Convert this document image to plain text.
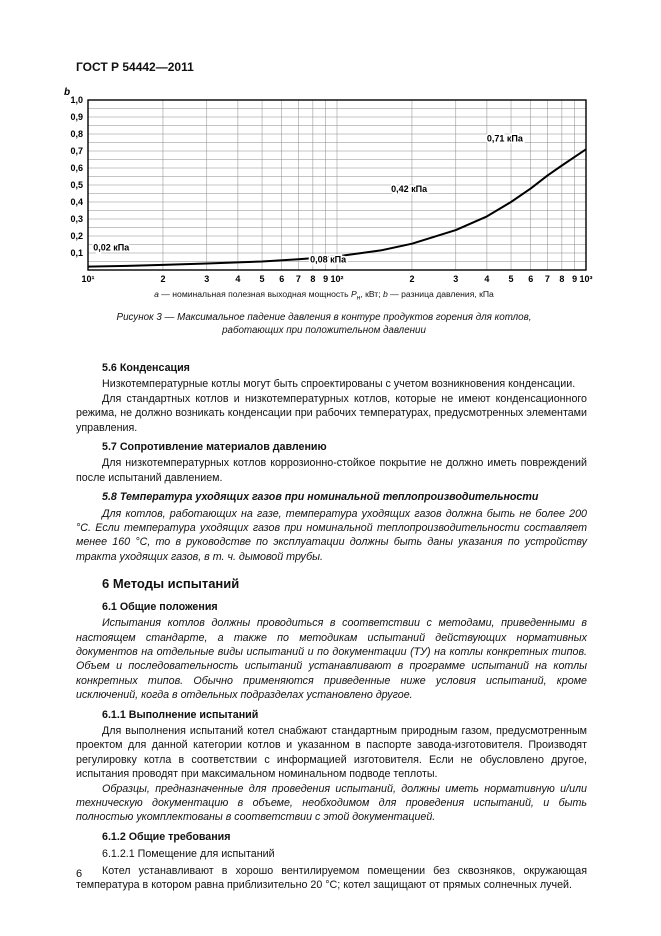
ГОСТ Р 54442—2011
0,1
0,2
0,3
0,4
0,5
0,6
0,7
0,8
0,9
1,0
b
10¹	2	3	4 5 6 7 8 9 10²	2	3	4 5 6 7 8 9 10³
0,02 кПа
0,08 кПа
0,42 кПа
0,71 кПа
a — номинальная полезная выходная мощность $P_н$, кВт; b — разница давления, кПа
Рисунок 3 — Максимальное падение давления в контуре продуктов горения для котлов,
работающих при положительном давлении
5.6 Конденсация

Низкотемпературные котлы могут быть спроектированы с учетом возникновения конденсации.

Для стандартных котлов и низкотемпературных котлов, которые не имеют конденсационного режима, не должно возникать конденсации при рабочих температурах, предусмотренных элементами управления.

5.7 Сопротивление материалов давлению

Для низкотемпературных котлов коррозионно-стойкое покрытие не должно иметь повреждений после испытаний давлением.

5.8 Температура уходящих газов при номинальной теплопроизводительности

Для котлов, работающих на газе, температура уходящих газов должна быть не более 200 °С. Если температура уходящих газов при номинальной теплопроизводительности составляет менее 160 °С, то в руководстве по эксплуатации должны быть даны указания по устройству тракта уходящих газов, в т. ч. дымовой трубы.

6 Методы испытаний
6.1 Общие положения

Испытания котлов должны проводиться в соответствии с методами, приведенными в настоящем стандарте, а также по методикам испытаний действующих нормативных документов на отдельные виды испытаний и по документации (ТУ) на котлы конкретных типов. Объем и последовательность испытаний устанавливают в программе испытаний на котлы конкретных типов. Обычно применяются приведенные ниже условия испытаний, кроме исключений, когда в отдельных подразделах установлено другое.

6.1.1 Выполнение испытаний

Для выполнения испытаний котел снабжают стандартным природным газом, предусмотренным проектом для данной категории котлов и указанном в паспорте завода-изготовителя. Производят регулировку котла в соответствии с информацией изготовителя. Если не обусловлено другое, испытания проводят при максимальном номинальном подводе теплоты.

Образцы, предназначенные для проведения испытаний, должны иметь нормативную и/или техническую документацию в объеме, необходимом для проведения испытаний, и быть полностью укомплектованы в соответствии с этой документацией.

6.1.2 Общие требования
6.1.2.1 Помещение для испытаний

Котел устанавливают в хорошо вентилируемом помещении без сквозняков, окружающая температура в котором равна приблизительно 20 °С; котел защищают от прямых солнечных лучей.

6
